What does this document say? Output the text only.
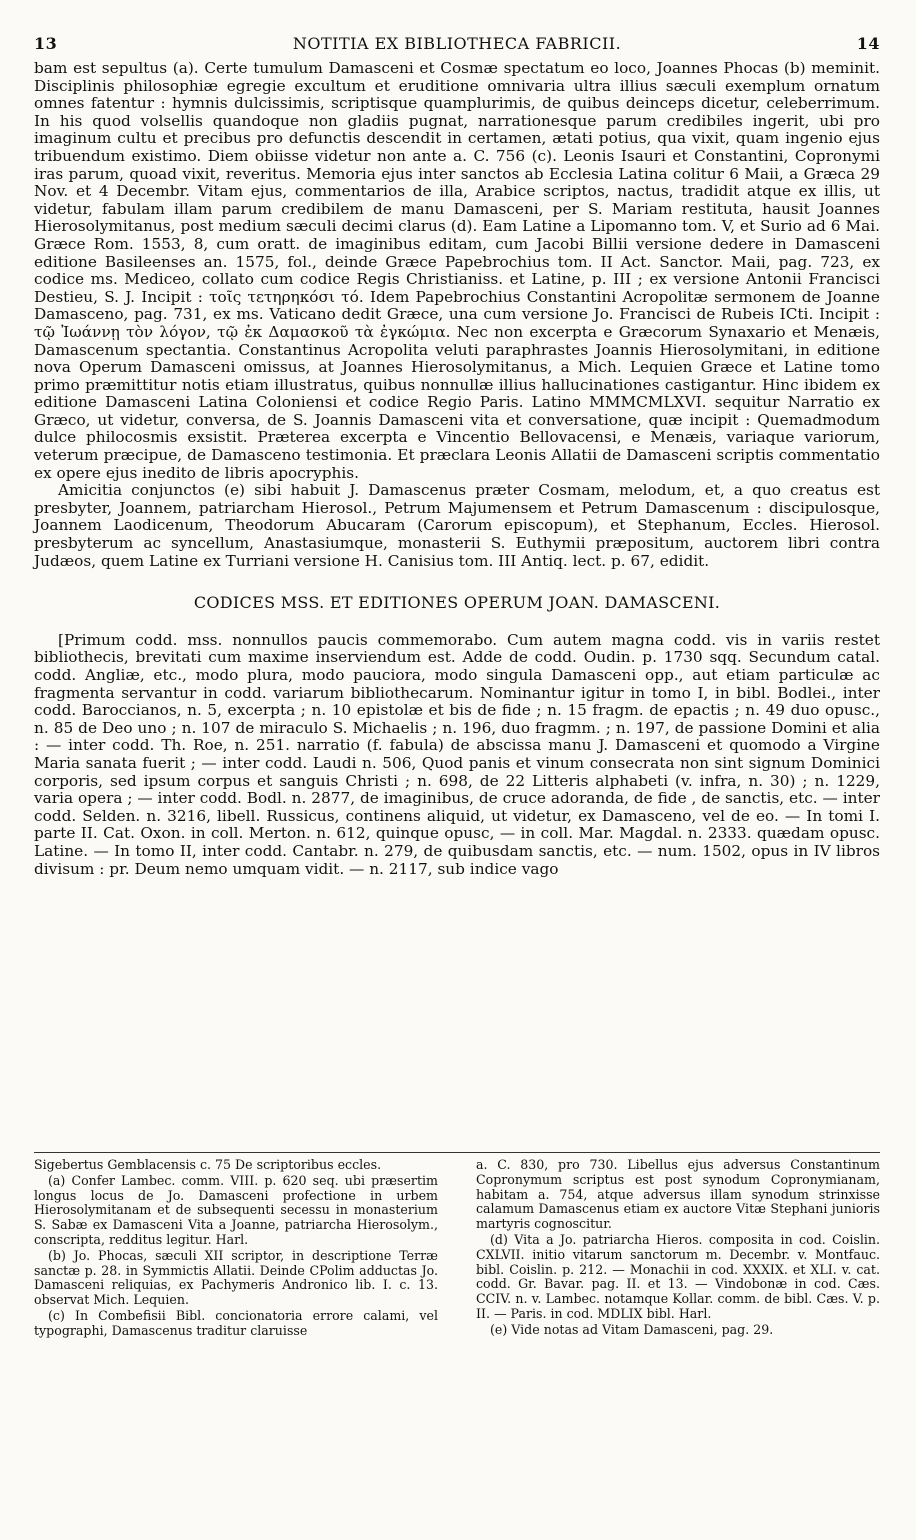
13	NOTITIA EX BIBLIOTHECA FABRICII.	14

bam est sepultus (a). Certe tumulum Damasceni et Cosmæ spectatum eo loco, Joannes Phocas (b) meminit. Disciplinis philosophiæ egregie excultum et eruditione omnivaria ultra illius sæculi exemplum ornatum omnes fatentur : hymnis dulcissimis, scriptisque quamplurimis, de quibus deinceps dicetur, celeberrimum. In his quod volsellis quandoque non gladiis pugnat, narrationesque parum credibiles ingerit, ubi pro imaginum cultu et precibus pro defunctis descendit in certamen, ætati potius, qua vixit, quam ingenio ejus tribuendum existimo. Diem obiisse videtur non ante a. C. 756 (c). Leonis Isauri et Constantini, Copronymi iras parum, quoad vixit, reveritus. Memoria ejus inter sanctos ab Ecclesia Latina colitur 6 Maii, a Græca 29 Nov. et 4 Decembr. Vitam ejus, commentarios de illa, Arabice scriptos, nactus, tradidit atque ex illis, ut videtur, fabulam illam parum credibilem de manu Damasceni, per S. Mariam restituta, hausit Joannes Hierosolymitanus, post medium sæculi decimi clarus (d). Eam Latine a Lipomanno tom. V, et Surio ad 6 Mai. Græce Rom. 1553, 8, cum oratt. de imaginibus editam, cum Jacobi Billii versione dedere in Damasceni editione Basileenses an. 1575, fol., deinde Græce Papebrochius tom. II Act. Sanctor. Maii, pag. 723, ex codice ms. Mediceo, collato cum codice Regis Christianiss. et Latine, p. III ; ex versione Antonii Francisci Destieu, S. J. Incipit : τοῖς τετηρηκόσι τό. Idem Papebrochius Constantini Acropolitæ sermonem de Joanne Damasceno, pag. 731, ex ms. Vaticano dedit Græce, una cum versione Jo. Francisci de Rubeis ICti. Incipit : τῷ Ἰωάννῃ τὸν λόγον, τῷ ἐκ Δαμασκοῦ τὰ ἐγκώμια. Nec non excerpta e Græcorum Synaxario et Menæis, Damascenum spectantia. Constantinus Acropolita veluti paraphrastes Joannis Hierosolymitani, in editione nova Operum Damasceni omissus, at Joannes Hierosolymitanus, a Mich. Lequien Græce et Latine tomo primo præmittitur notis etiam illustratus, quibus nonnullæ illius hallucinationes castigantur. Hinc ibidem ex editione Damasceni Latina Coloniensi et codice Regio Paris. Latino MMMCMLXVI. sequitur Narratio ex Græco, ut videtur, conversa, de S. Joannis Damasceni vita et conversatione, quæ incipit : Quemadmodum dulce philocosmis exsistit. Præterea excerpta e Vincentio Bellovacensi, e Menæis, variaque variorum, veterum præcipue, de Damasceno testimonia. Et præclara Leonis Allatii de Damasceni scriptis commentatio ex opere ejus inedito de libris apocryphis.

Amicitia conjunctos (e) sibi habuit J. Damascenus præter Cosmam, melodum, et, a quo creatus est presbyter, Joannem, patriarcham Hierosol., Petrum Majumensem et Petrum Damascenum : discipulosque, Joannem Laodicenum, Theodorum Abucaram (Carorum episcopum), et Stephanum, Eccles. Hierosol. presbyterum ac syncellum, Anastasiumque, monasterii S. Euthymii præpositum, auctorem libri contra Judæos, quem Latine ex Turriani versione H. Canisius tom. III Antiq. lect. p. 67, edidit.

CODICES MSS. ET EDITIONES OPERUM JOAN. DAMASCENI.

[Primum codd. mss. nonnullos paucis commemorabo. Cum autem magna codd. vis in variis restet bibliothecis, brevitati cum maxime inserviendum est. Adde de codd. Oudin. p. 1730 sqq. Secundum catal. codd. Angliæ, etc., modo plura, modo pauciora, modo singula Damasceni opp., aut etiam particulæ ac fragmenta servantur in codd. variarum bibliothecarum. Nominantur igitur in tomo I, in bibl. Bodlei., inter codd. Baroccianos, n. 5, excerpta ; n. 10 epistolæ et bis de fide ; n. 15 fragm. de epactis ; n. 49 duo opusc., n. 85 de Deo uno ; n. 107 de miraculo S. Michaelis ; n. 196, duo fragmm. ; n. 197, de passione Domini et alia : — inter codd. Th. Roe, n. 251. narratio (f. fabula) de abscissa manu J. Damasceni et quomodo a Virgine Maria sanata fuerit ; — inter codd. Laudi n. 506, Quod panis et vinum consecrata non sint signum Dominici corporis, sed ipsum corpus et sanguis Christi ; n. 698, de 22 Litteris alphabeti (v. infra, n. 30) ; n. 1229, varia opera ; — inter codd. Bodl. n. 2877, de imaginibus, de cruce adoranda, de fide , de sanctis, etc. — inter codd. Selden. n. 3216, libell. Russicus, continens aliquid, ut videtur, ex Damasceno, vel de eo. — In tomi I. parte II. Cat. Oxon. in coll. Merton. n. 612, quinque opusc, — in coll. Mar. Magdal. n. 2333. quædam opusc. Latine. — In tomo II, inter codd. Cantabr. n. 279, de quibusdam sanctis, etc. — num. 1502, opus in IV libros divisum : pr. Deum nemo umquam vidit. — n. 2117, sub indice vago

Sigebertus Gemblacensis c. 75 De scriptoribus eccles.

(a) Confer Lambec. comm. VIII. p. 620 seq. ubi præsertim longus locus de Jo. Damasceni profectione in urbem Hierosolymitanam et de subsequenti secessu in monasterium S. Sabæ ex Damasceni Vita a Joanne, patriarcha Hierosolym., conscripta, redditus legitur. Harl.

(b) Jo. Phocas, sæculi XII scriptor, in descriptione Terræ sanctæ p. 28. in Symmictis Allatii. Deinde CPolim adductas Jo. Damasceni reliquias, ex Pachymeris Andronico lib. I. c. 13. observat Mich. Lequien.

(c) In Combefisii Bibl. concionatoria errore calami, vel typographi, Damascenus traditur claruisse

a. C. 830, pro 730. Libellus ejus adversus Constantinum Copronymum scriptus est post synodum Copronymianam, habitam a. 754, atque adversus illam synodum strinxisse calamum Damascenus etiam ex auctore Vitæ Stephani junioris martyris cognoscitur.

(d) Vita a Jo. patriarcha Hieros. composita in cod. Coislin. CXLVII. initio vitarum sanctorum m. Decembr. v. Montfauc. bibl. Coislin. p. 212. — Monachii in cod. XXXIX. et XLI. v. cat. codd. Gr. Bavar. pag. II. et 13. — Vindobonæ in cod. Cæs. CCIV. n. v. Lambec. notamque Kollar. comm. de bibl. Cæs. V. p. II. — Paris. in cod. MDLIX bibl. Harl.

(e) Vide notas ad Vitam Damasceni, pag. 29.
